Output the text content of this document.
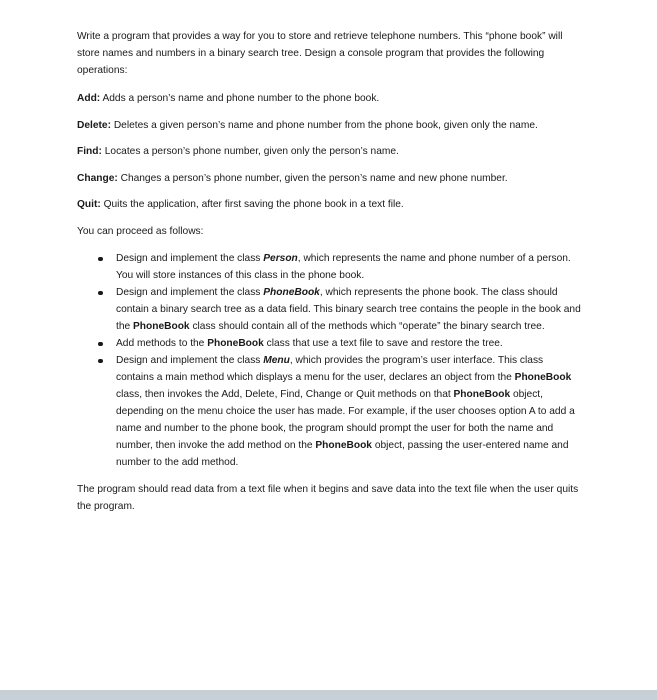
Write a program that provides a way for you to store and retrieve telephone numbers. This “phone book” will store names and numbers in a binary search tree. Design a console program that provides the following operations:

Add: Adds a person’s name and phone number to the phone book.

Delete: Deletes a given person’s name and phone number from the phone book, given only the name.

Find: Locates a person’s phone number, given only the person’s name.

Change: Changes a person’s phone number, given the person’s name and new phone number.

Quit: Quits the application, after first saving the phone book in a text file.

You can proceed as follows:

Design and implement the class Person, which represents the name and phone number of a person. You will store instances of this class in the phone book.
Design and implement the class PhoneBook, which represents the phone book. The class should contain a binary search tree as a data field. This binary search tree contains the people in the book and the PhoneBook class should contain all of the methods which “operate” the binary search tree.
Add methods to the PhoneBook class that use a text file to save and restore the tree.
Design and implement the class Menu, which provides the program’s user interface. This class contains a main method which displays a menu for the user, declares an object from the PhoneBook class, then invokes the Add, Delete, Find, Change or Quit methods on that PhoneBook object, depending on the menu choice the user has made. For example, if the user chooses option A to add a name and number to the phone book, the program should prompt the user for both the name and number, then invoke the add method on the PhoneBook object, passing the user-entered name and number to the add method.

The program should read data from a text file when it begins and save data into the text file when the user quits the program.
